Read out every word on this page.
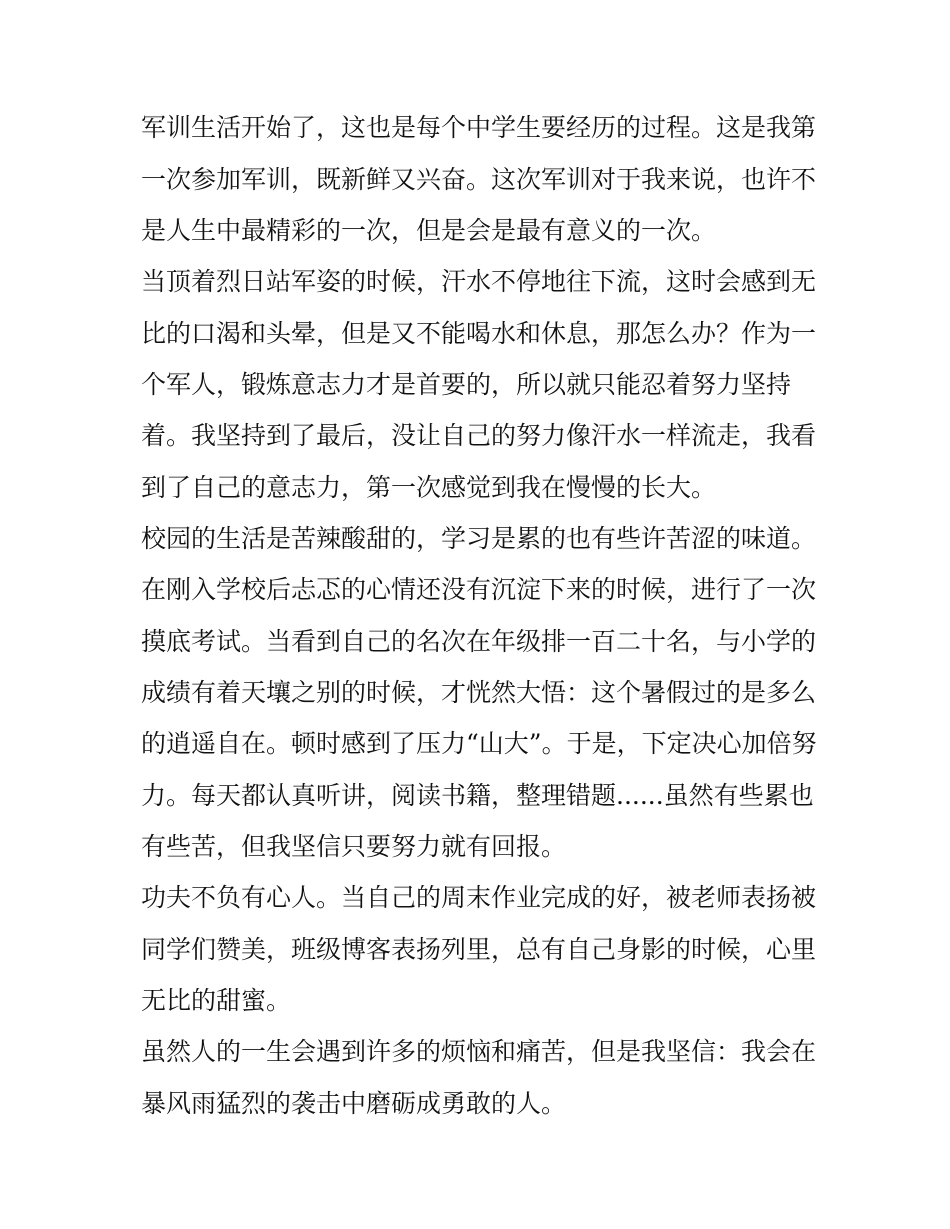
军训生活开始了，这也是每个中学生要经历的过程。这是我第
一次参加军训，既新鲜又兴奋。这次军训对于我来说，也许不
是人生中最精彩的一次，但是会是最有意义的一次。
当顶着烈日站军姿的时候，汗水不停地往下流，这时会感到无
比的口渴和头晕，但是又不能喝水和休息，那怎么办？作为一
个军人，锻炼意志力才是首要的，所以就只能忍着努力坚持
着。我坚持到了最后，没让自己的努力像汗水一样流走，我看
到了自己的意志力，第一次感觉到我在慢慢的长大。
校园的生活是苦辣酸甜的，学习是累的也有些许苦涩的味道。
在刚入学校后忐忑的心情还没有沉淀下来的时候，进行了一次
摸底考试。当看到自己的名次在年级排一百二十名，与小学的
成绩有着天壤之别的时候，才恍然大悟：这个暑假过的是多么
的逍遥自在。顿时感到了压力“山大”。于是，下定决心加倍努
力。每天都认真听讲，阅读书籍，整理错题......虽然有些累也
有些苦，但我坚信只要努力就有回报。
功夫不负有心人。当自己的周末作业完成的好，被老师表扬被
同学们赞美，班级博客表扬列里，总有自己身影的时候，心里
无比的甜蜜。
虽然人的一生会遇到许多的烦恼和痛苦，但是我坚信：我会在
暴风雨猛烈的袭击中磨砺成勇敢的人。
